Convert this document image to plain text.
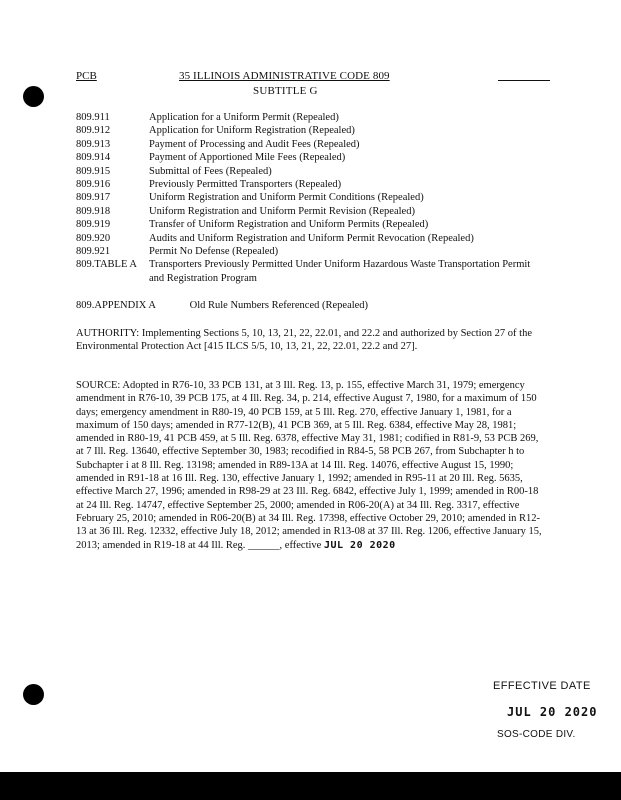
PCB	35 ILLINOIS ADMINISTRATIVE CODE 809
SUBTITLE G
809.911	Application for a Uniform Permit (Repealed)
809.912	Application for Uniform Registration (Repealed)
809.913	Payment of Processing and Audit Fees (Repealed)
809.914	Payment of Apportioned Mile Fees (Repealed)
809.915	Submittal of Fees (Repealed)
809.916	Previously Permitted Transporters (Repealed)
809.917	Uniform Registration and Uniform Permit Conditions (Repealed)
809.918	Uniform Registration and Uniform Permit Revision (Repealed)
809.919	Transfer of Uniform Registration and Uniform Permits (Repealed)
809.920	Audits and Uniform Registration and Uniform Permit Revocation (Repealed)
809.921	Permit No Defense (Repealed)
809.TABLE A	Transporters Previously Permitted Under Uniform Hazardous Waste Transportation Permit and Registration Program
809.APPENDIX A	Old Rule Numbers Referenced (Repealed)
AUTHORITY: Implementing Sections 5, 10, 13, 21, 22, 22.01, and 22.2 and authorized by Section 27 of the Environmental Protection Act [415 ILCS 5/5, 10, 13, 21, 22, 22.01, 22.2 and 27].
SOURCE: Adopted in R76-10, 33 PCB 131, at 3 Ill. Reg. 13, p. 155, effective March 31, 1979; emergency amendment in R76-10, 39 PCB 175, at 4 Ill. Reg. 34, p. 214, effective August 7, 1980, for a maximum of 150 days; emergency amendment in R80-19, 40 PCB 159, at 5 Ill. Reg. 270, effective January 1, 1981, for a maximum of 150 days; amended in R77-12(B), 41 PCB 369, at 5 Ill. Reg. 6384, effective May 28, 1981; amended in R80-19, 41 PCB 459, at 5 Ill. Reg. 6378, effective May 31, 1981; codified in R81-9, 53 PCB 269, at 7 Ill. Reg. 13640, effective September 30, 1983; recodified in R84-5, 58 PCB 267, from Subchapter h to Subchapter i at 8 Ill. Reg. 13198; amended in R89-13A at 14 Ill. Reg. 14076, effective August 15, 1990; amended in R91-18 at 16 Ill. Reg. 130, effective January 1, 1992; amended in R95-11 at 20 Ill. Reg. 5635, effective March 27, 1996; amended in R98-29 at 23 Ill. Reg. 6842, effective July 1, 1999; amended in R00-18 at 24 Ill. Reg. 14747, effective September 25, 2000; amended in R06-20(A) at 34 Ill. Reg. 3317, effective February 25, 2010; amended in R06-20(B) at 34 Ill. Reg. 17398, effective October 29, 2010; amended in R12-13 at 36 Ill. Reg. 12332, effective July 18, 2012; amended in R13-08 at 37 Ill. Reg. 1206, effective January 15, 2013; amended in R19-18 at 44 Ill. Reg. ______, effective JUL 20 2020
EFFECTIVE DATE
JUL 20 2020
SOS-CODE DIV.
